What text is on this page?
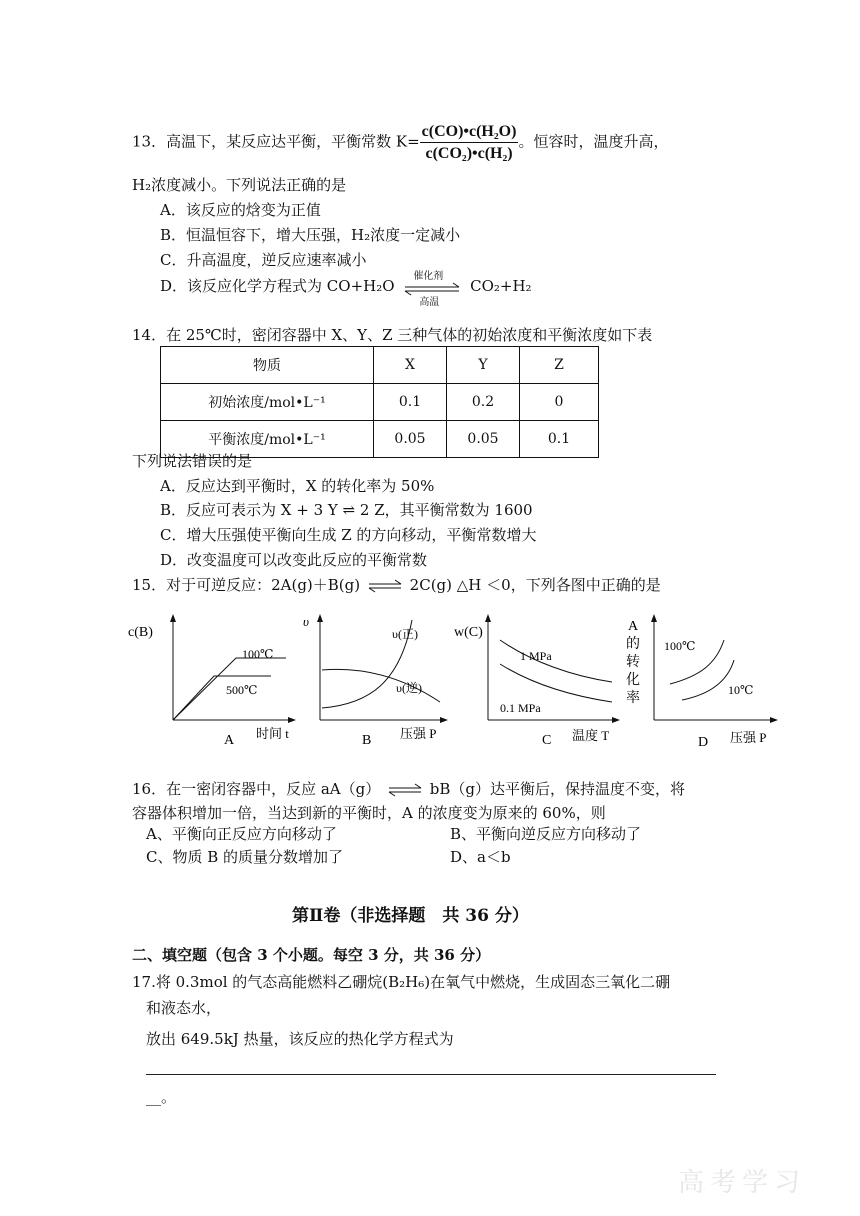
13．高温下，某反应达平衡，平衡常数 $K= \frac{\text{c(CO)•c(H₂O)}}{\text{c(CO₂)•c(H₂)}}$ 。恒容时，温度升高，
H₂浓度减小。下列说法正确的是
A．该反应的焓变为正值
B．恒温恒容下，增大压强，H₂浓度一定减小
C．升高温度，逆反应速率减小
D．该反应化学方程式为 CO+H₂O
催化剂
高温
CO₂+H₂
14．在 25℃时，密闭容器中 X、Y、Z 三种气体的初始浓度和平衡浓度如下表
物质	X	Y	Z
初始浓度/mol•L⁻¹	0.1	0.2	0
平衡浓度/mol•L⁻¹	0.05	0.05	0.1
下列说法错误的是
A．反应达到平衡时，X 的转化率为 50%
B．反应可表示为 X + 3 Y ⇌ 2 Z，其平衡常数为 1600
C．增大压强使平衡向生成 Z 的方向移动，平衡常数增大
D．改变温度可以改变此反应的平衡常数
15．对于可逆反应：2A(g)＋B(g) ⇌ 2C(g) △H ＜0，下列各图中正确的是
c(B)
100℃
500℃
时间 t
A
υ
υ(正)
υ(逆)
压强 P
B
w(C)
1 MPa
0.1 MPa
温度 T
C
A
的
转
化
率
100℃
10℃
压强 P
D
16．在一密闭容器中，反应 aA（g） ⇌ bB（g）达平衡后，保持温度不变，将
容器体积增加一倍，当达到新的平衡时，A 的浓度变为原来的 60%，则
A、平衡向正反应方向移动了	B、平衡向逆反应方向移动了
C、物质 B 的质量分数增加了	D、a＜b
第Ⅱ卷（非选择题　共 36 分）
二、填空题（包含 3 个小题。每空 3 分，共 36 分）
17.将 0.3mol 的气态高能燃料乙硼烷(B₂H₆)在氧气中燃烧，生成固态三氧化二硼
和液态水，
放出 649.5kJ 热量，该反应的热化学方程式为
__。
高考学习
